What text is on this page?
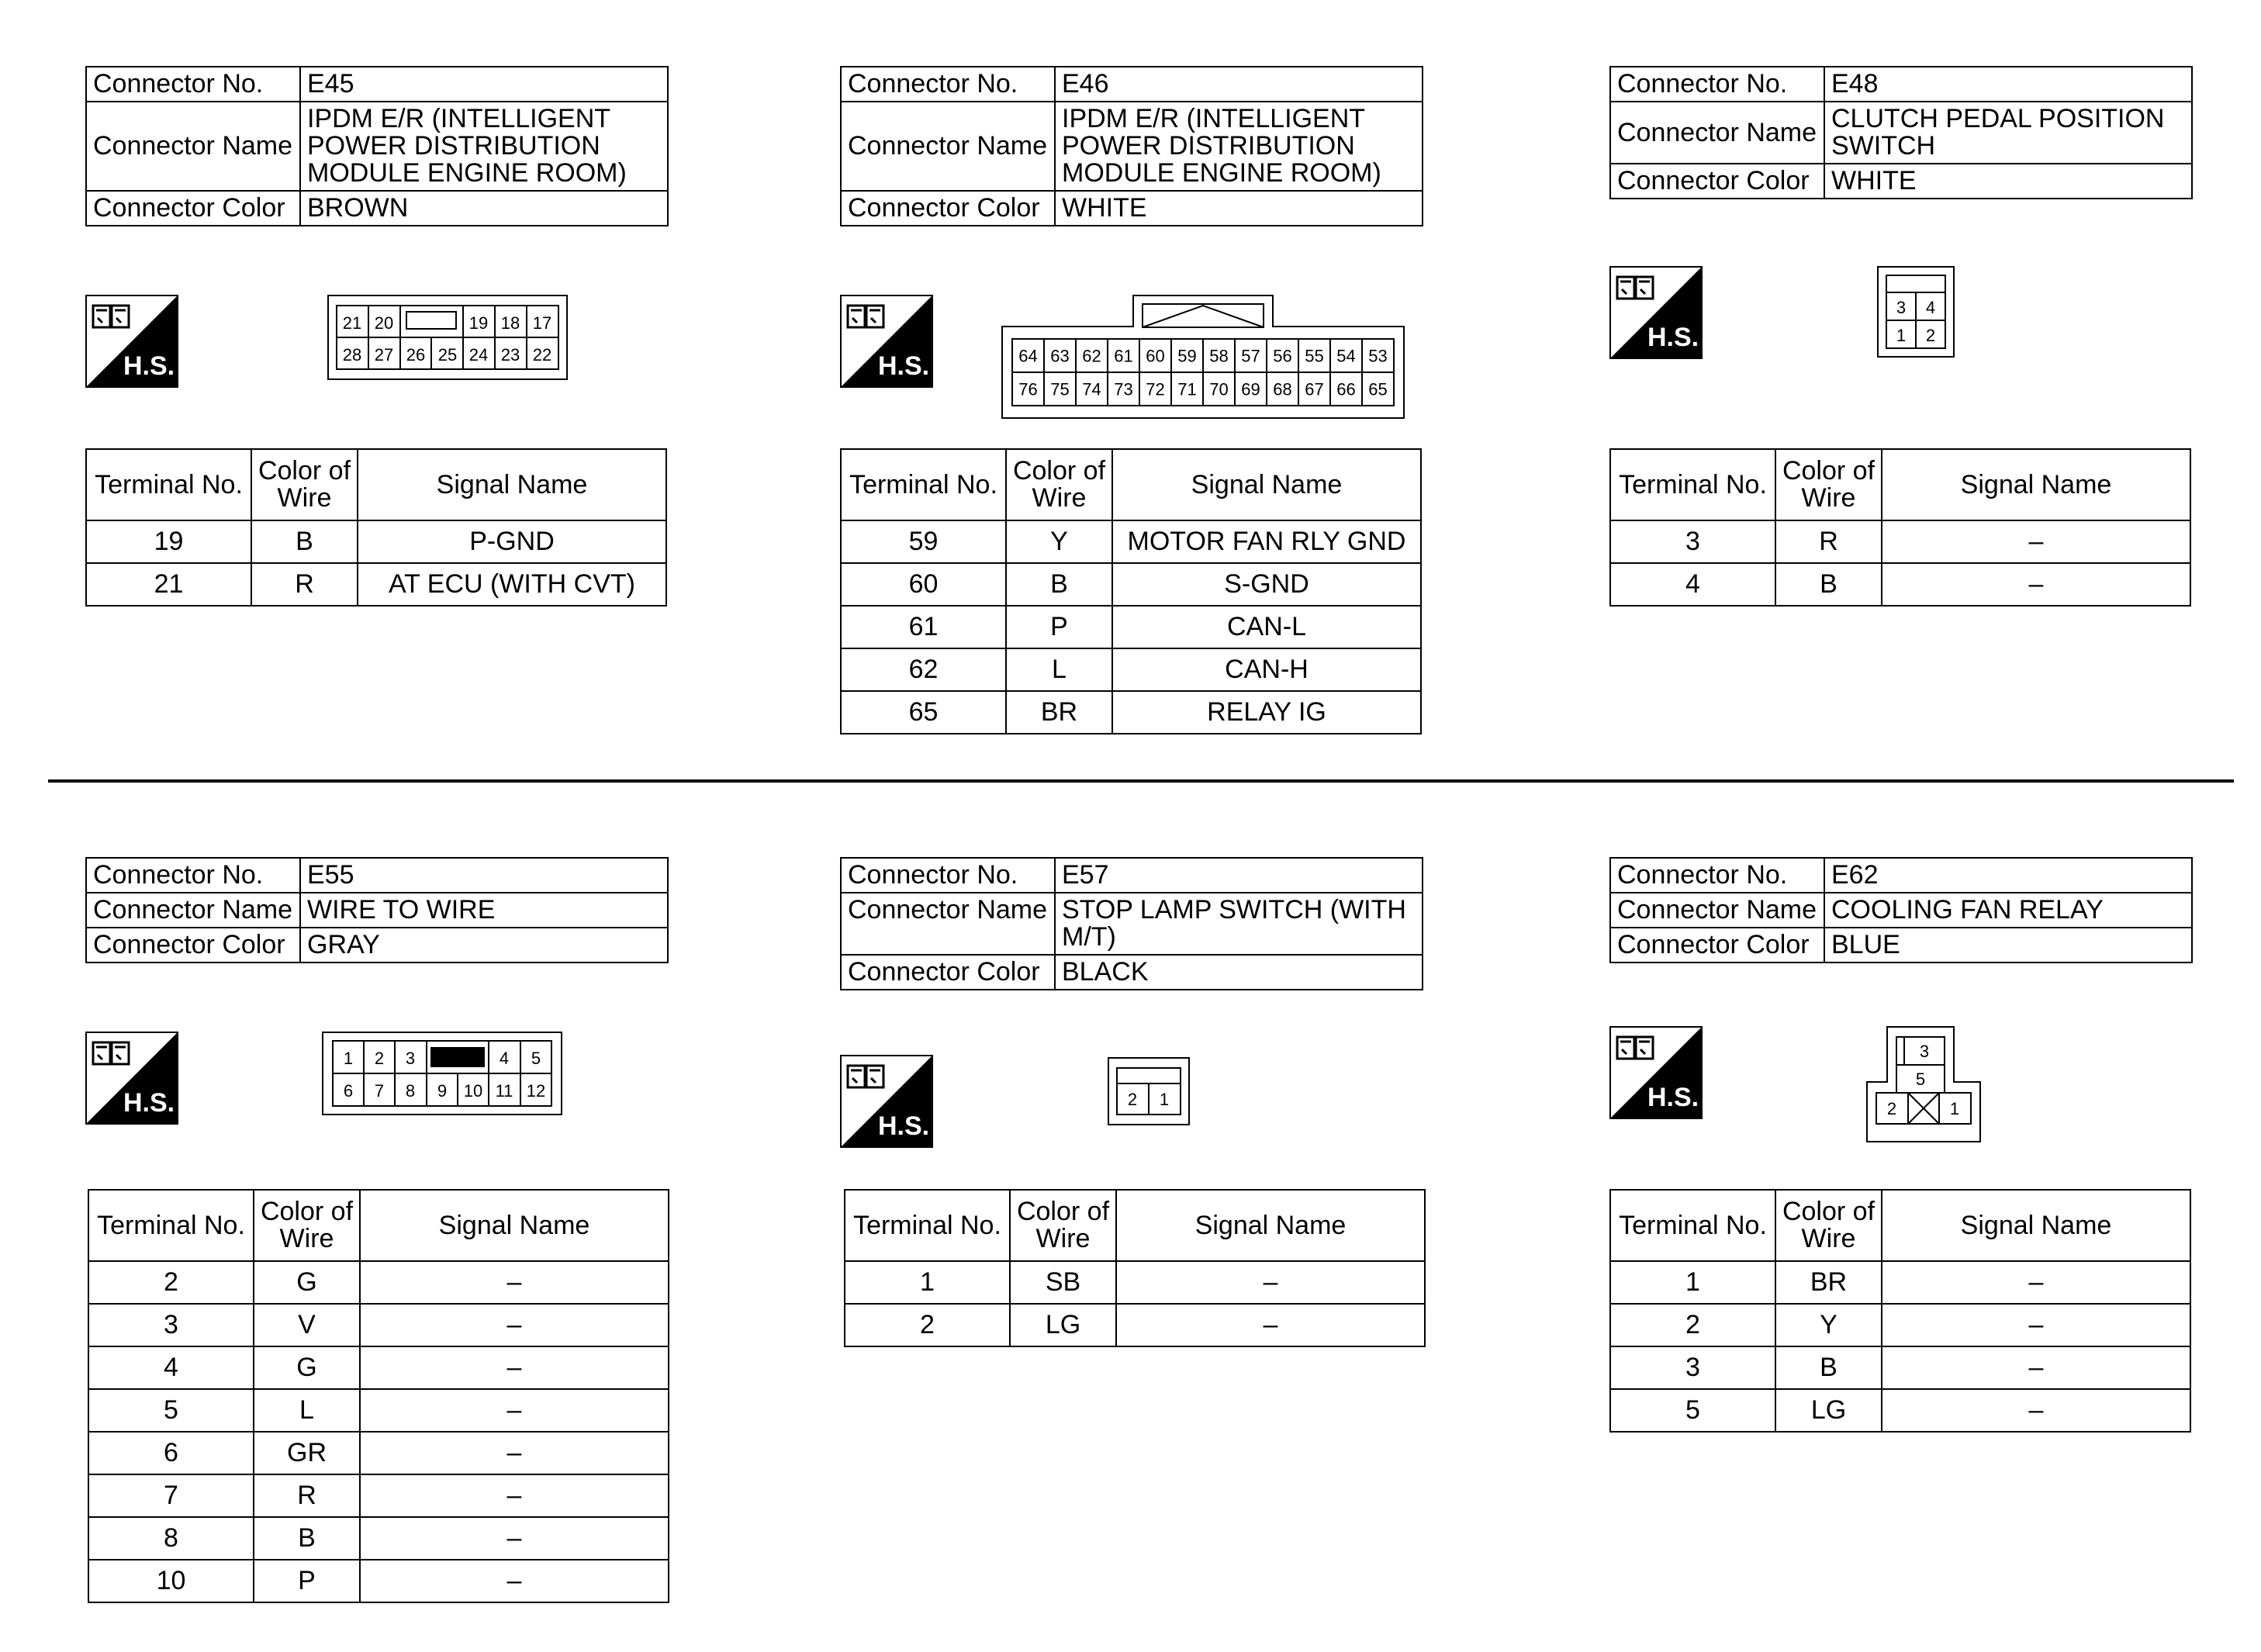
Connector No.	E45
Connector Name	IPDM E/R (INTELLIGENT POWER DISTRIBUTION MODULE ENGINE ROOM)
Connector Color	BROWN
H.S.
21 20	19 18 17
28 27 26 25 24 23 22
Terminal No.	Color of Wire	Signal Name
19	B	P-GND
21	R	AT ECU (WITH CVT)
Connector No.	E46
Connector Name	IPDM E/R (INTELLIGENT POWER DISTRIBUTION MODULE ENGINE ROOM)
Connector Color	WHITE
H.S.	64 63 62 61 60 59 58 57 56 55 54 53
76 75 74 73 72 71 70 69 68 67 66 65
Terminal No.	Color of Wire	Signal Name
59	Y	MOTOR FAN RLY GND
60	B	S-GND
61	P	CAN-L
62	L	CAN-H
65	BR	RELAY IG
Connector No.	E48
Connector Name	CLUTCH PEDAL POSITION SWITCH
Connector Color	WHITE
H.S.
3 4
1 2
Terminal No.	Color of Wire	Signal Name
3	R	–
4	B	–
Connector No.	E55
Connector Name	WIRE TO WIRE
Connector Color	GRAY
H.S.
1 2 3	4 5
6 7 8 9 10 11 12
Terminal No.	Color of Wire	Signal Name
2	G	–
3	V	–
4	G	–
5	L	–
6	GR	–
7	R	–
8	B	–
10	P	–
Connector No.	E57
Connector Name	STOP LAMP SWITCH (WITH M/T)
Connector Color	BLACK
H.S.
2 1
Terminal No.	Color of Wire	Signal Name
1	SB	–
2	LG	–
Connector No.	E62
Connector Name	COOLING FAN RELAY
Connector Color	BLUE
H.S.
3
5
2	1
Terminal No.	Color of Wire	Signal Name
1	BR	–
2	Y	–
3	B	–
5	LG	–
